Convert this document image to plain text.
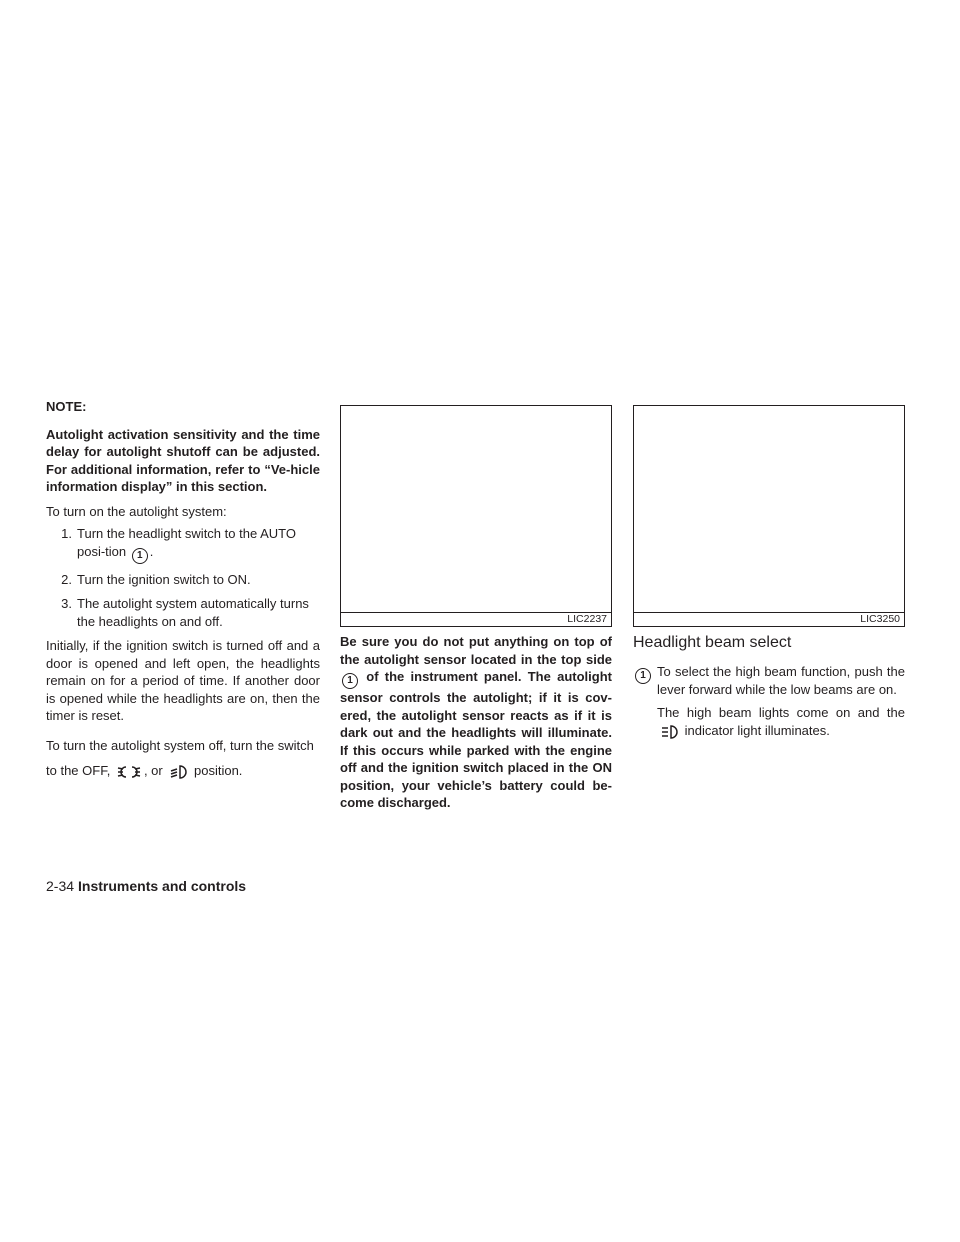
NOTE:

Autolight activation sensitivity and the time delay for autolight shutoff can be adjusted. For additional information, refer to “Ve-hicle information display” in this section.

To turn on the autolight system:

1. Turn the headlight switch to the AUTO posi-tion 1 .
2. Turn the ignition switch to ON.
3. The autolight system automatically turns the headlights on and off.

Initially, if the ignition switch is turned off and a door is opened and left open, the headlights remain on for a period of time. If another door is opened while the headlights are on, then the timer is reset.

To turn the autolight system off, turn the switch to the OFF,	, or position.

LIC2237

Be sure you do not put anything on top of the autolight sensor located in the top side 1 of the instrument panel. The autolight sensor controls the autolight; if it is cov-ered, the autolight sensor reacts as if it is dark out and the headlights will illuminate. If this occurs while parked with the engine off and the ignition switch placed in the ON position, your vehicle’s battery could be-come discharged.

LIC3250

Headlight beam select

1 To select the high beam function, push the lever forward while the low beams are on.

The high beam lights come on and the  indicator light illuminates.

2-34 Instruments and controls
